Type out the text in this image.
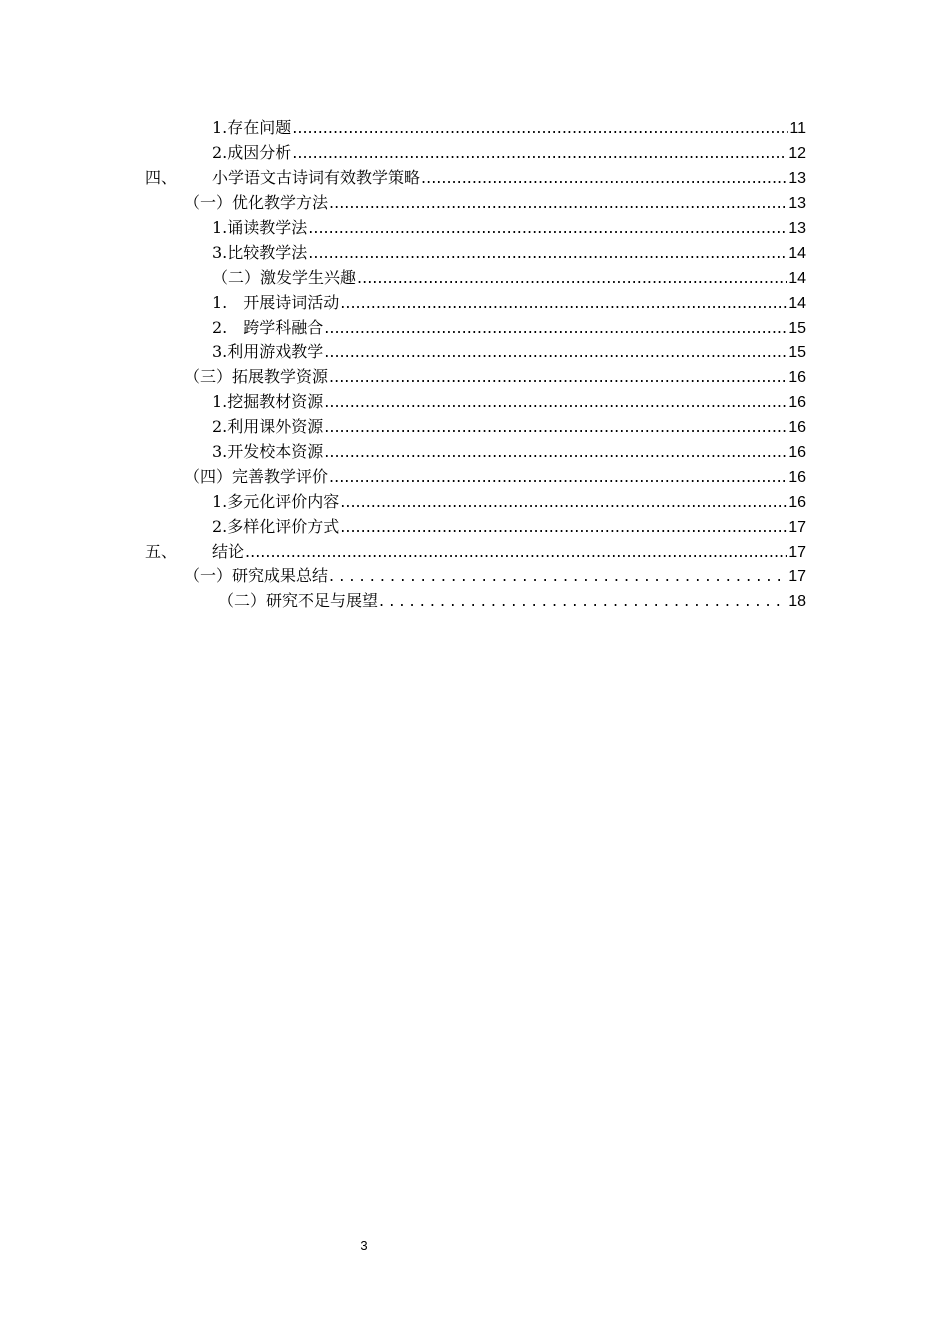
1.存在问题 .....	11
2.成因分析 .....	12
四、 小学语文古诗词有效教学策略 .....	13
（一）优化教学方法 .....	13
1.诵读教学法 .....	13
3.比较教学法 .....	14
（二）激发学生兴趣 .....	14
1.　开展诗词活动 .....	14
2.　跨学科融合 .....	15
3.利用游戏教学 .....	15
（三）拓展教学资源 .....	16
1.挖掘教材资源 .....	16
2.利用课外资源 .....	16
3.开发校本资源 .....	16
（四）完善教学评价 .....	16
1.多元化评价内容 .....	16
2.多样化评价方式 .....	17
五、 结论 .....	17
（一）研究成果总结 . . .	17
（二）研究不足与展望 . . .	18
3
